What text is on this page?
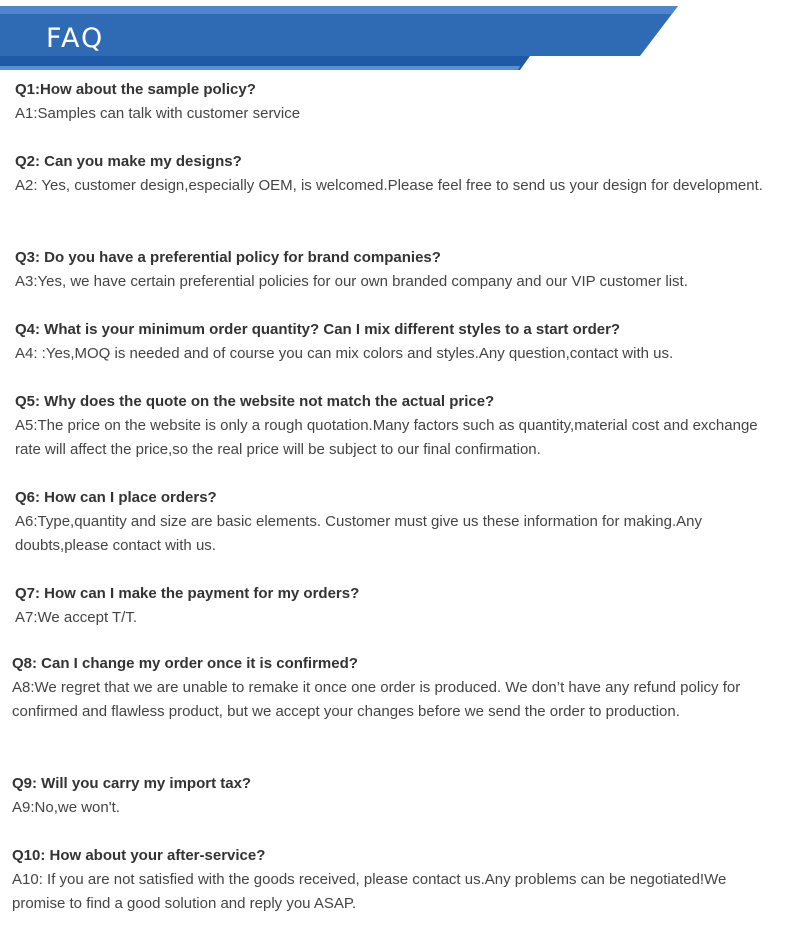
FAQ
Q1:How about the sample policy?
A1:Samples can talk with customer service
Q2: Can you make my designs?
A2: Yes, customer design,especially OEM, is welcomed.Please feel free to send us your design for development.
Q3: Do you have a preferential policy for brand companies?
A3:Yes, we have certain preferential policies for our own branded company and our VIP customer list.
Q4: What is your minimum order quantity? Can I mix different styles to a start order?
A4: :Yes,MOQ is needed and of course you can mix colors and styles.Any question,contact with us.
Q5: Why does the quote on the website not match the actual price?
A5:The price on the website is only a rough quotation.Many factors such as quantity,material cost and exchange rate will affect the price,so the real price will be subject to our final confirmation.
Q6: How can I place orders?
A6:Type,quantity and size are basic elements. Customer must give us these information for making.Any doubts,please contact with us.
Q7: How can I make the payment for my orders?
A7:We accept T/T.
Q8: Can I change my order once it is confirmed?
A8:We regret that we are unable to remake it once one order is produced. We don’t have any refund policy for confirmed and flawless product, but we accept your changes before we send the order to production.
Q9: Will you carry my import tax?
A9:No,we won't.
Q10: How about your after-service?
A10: If you are not satisfied with the goods received, please contact us.Any problems can be negotiated!We promise to find a good solution and reply you ASAP.
